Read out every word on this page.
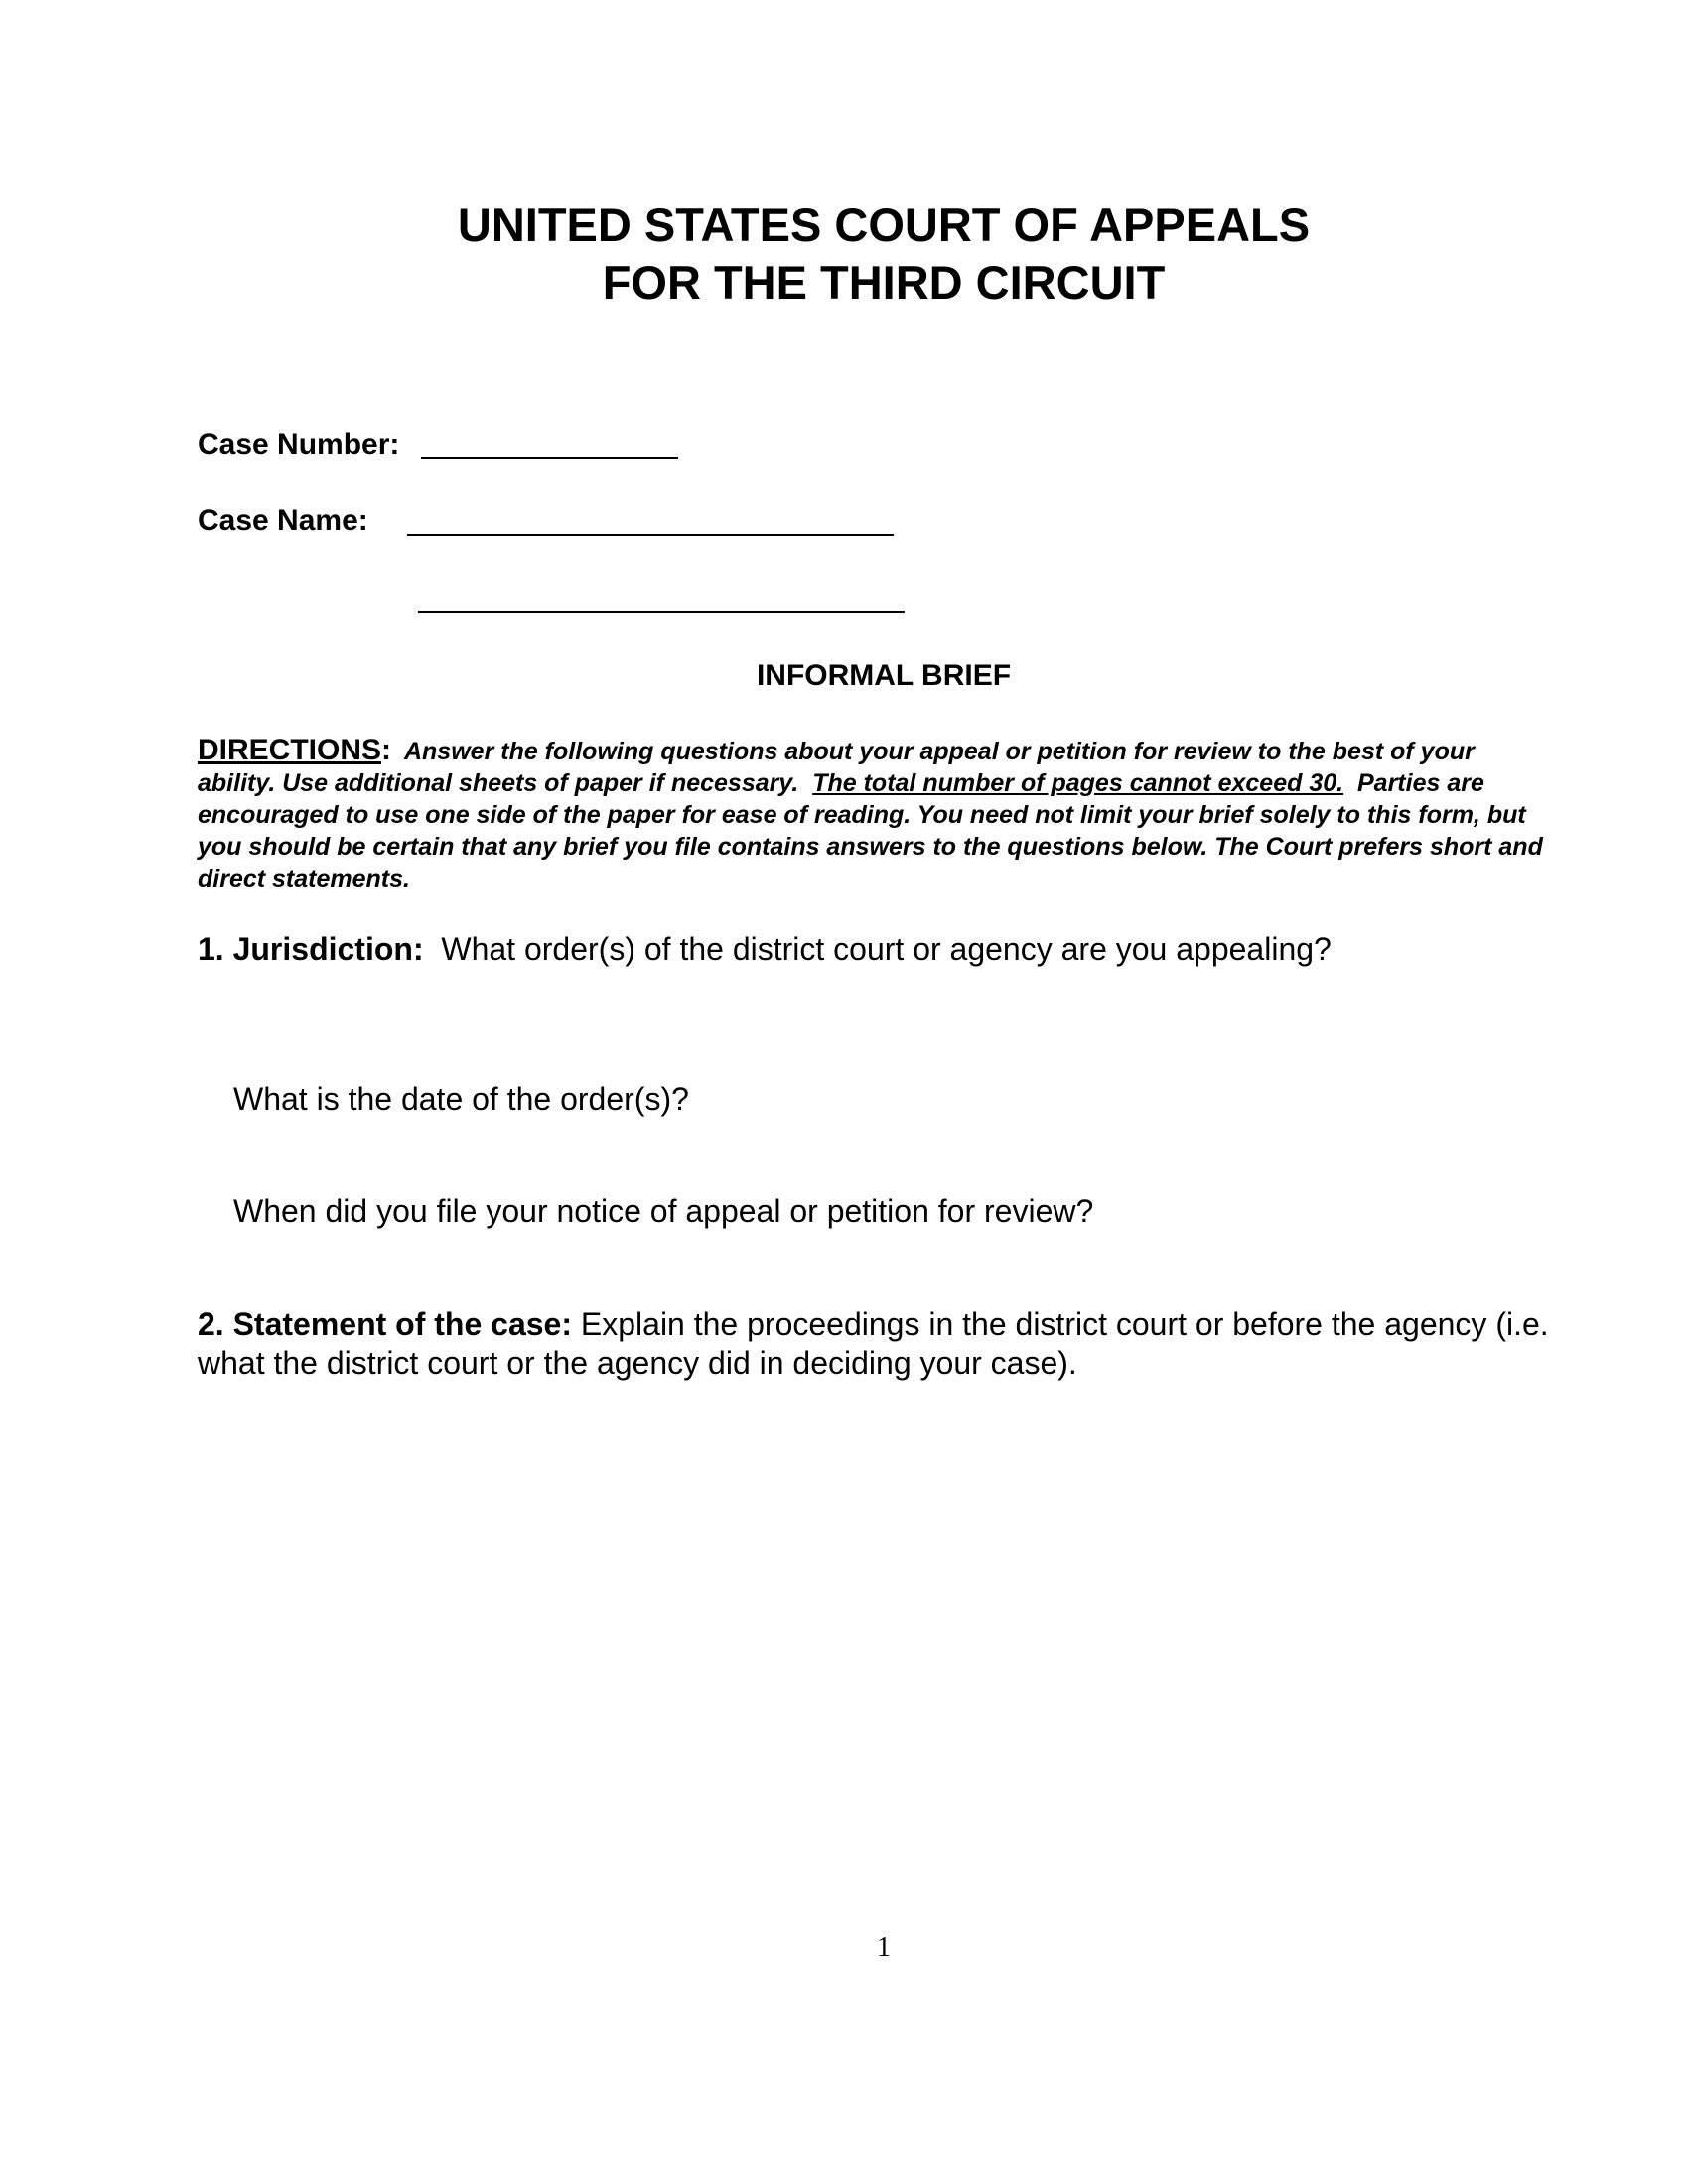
UNITED STATES COURT OF APPEALS
FOR THE THIRD CIRCUIT
Case Number:
Case Name:
INFORMAL BRIEF
DIRECTIONS: Answer the following questions about your appeal or petition for review to the best of your ability. Use additional sheets of paper if necessary. The total number of pages cannot exceed 30. Parties are encouraged to use one side of the paper for ease of reading. You need not limit your brief solely to this form, but you should be certain that any brief you file contains answers to the questions below. The Court prefers short and direct statements.
1. Jurisdiction: What order(s) of the district court or agency are you appealing?
What is the date of the order(s)?
When did you file your notice of appeal or petition for review?
2. Statement of the case: Explain the proceedings in the district court or before the agency (i.e. what the district court or the agency did in deciding your case).
1
